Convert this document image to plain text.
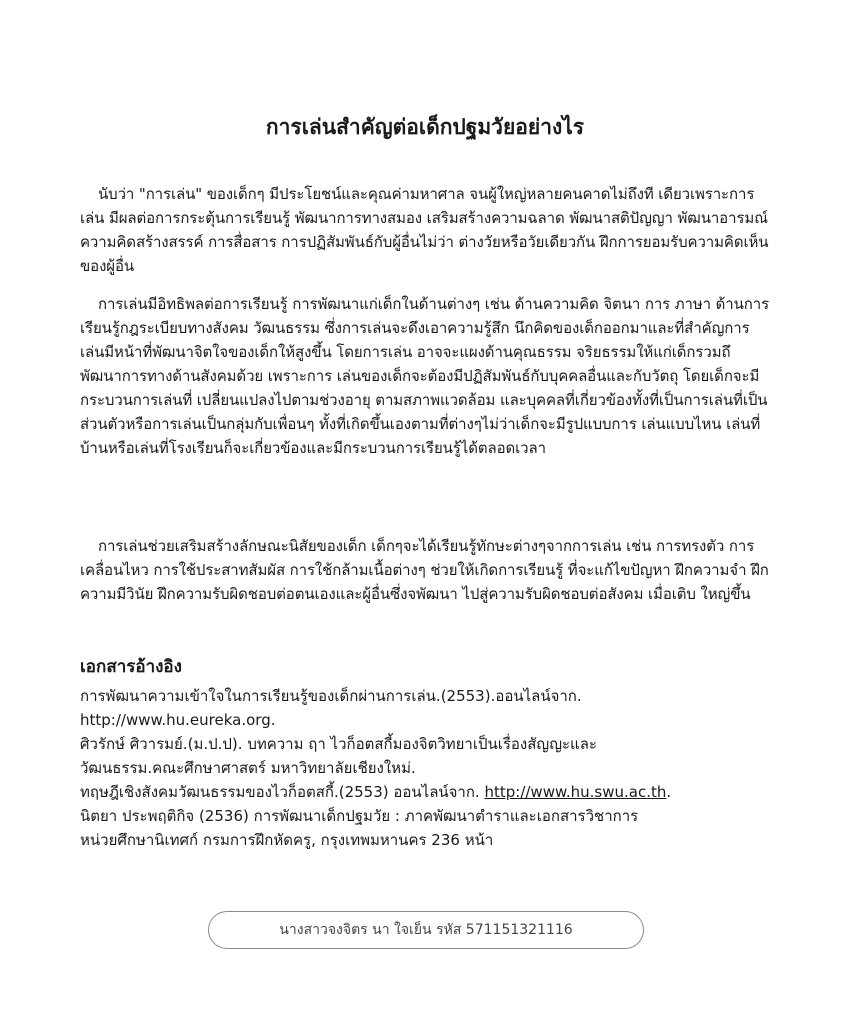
การเล่นสำคัญต่อเด็กปฐมวัยอย่างไร

นับว่า "การเล่น" ของเด็กๆ มีประโยชน์และคุณค่ามหาศาล จนผู้ใหญ่หลายคนคาดไม่ถึงที เดียวเพราะการเล่น มีผลต่อการกระตุ้นการเรียนรู้ พัฒนาการทางสมอง เสริมสร้างความฉลาด พัฒนาสติปัญญา พัฒนาอารมณ์ ความคิดสร้างสรรค์ การสื่อสาร การปฏิสัมพันธ์กับผู้อื่นไม่ว่า ต่างวัยหรือวัยเดียวกัน ฝึกการยอมรับความคิดเห็นของผู้อื่น

การเล่นมีอิทธิพลต่อการเรียนรู้ การพัฒนาแก่เด็กในด้านต่างๆ เช่น ด้านความคิด จิตนา การ ภาษา ด้านการเรียนรู้กฎระเบียบทางสังคม วัฒนธรรม ซึ่งการเล่นจะดึงเอาความรู้สึก นึกคิดของเด็กออกมาและที่สำคัญการเล่นมีหน้าที่พัฒนาจิตใจของเด็กให้สูงขึ้น โดยการเล่น อาจจะแผงด้านคุณธรรม จริยธรรมให้แก่เด็กรวมถึพัฒนาการทางด้านสังคมด้วย เพราะการ เล่นของเด็กจะต้องมีปฏิสัมพันธ์กับบุคคลอื่นและกับวัตถุ โดยเด็กจะมีกระบวนการเล่นที่ เปลี่ยนแปลงไปตามช่วงอายุ ตามสภาพแวดล้อม และบุคคลที่เกี่ยวข้องทั้งที่เป็นการเล่นที่เป็น ส่วนตัวหรือการเล่นเป็นกลุ่มกับเพื่อนๆ ทั้งที่เกิดขึ้นเองตามที่ต่างๆไม่ว่าเด็กจะมีรูปแบบการ เล่นแบบไหน เล่นที่บ้านหรือเล่นที่โรงเรียนก็จะเกี่ยวข้องและมีกระบวนการเรียนรู้ได้ตลอดเวลา

การเล่นช่วยเสริมสร้างลักษณะนิสัยของเด็ก เด็กๆจะได้เรียนรู้ทักษะต่างๆจากการเล่น เช่น การทรงตัว การเคลื่อนไหว การใช้ประสาทสัมผัส การใช้กล้ามเนื้อต่างๆ ช่วยให้เกิดการเรียนรู้ ที่จะแก้ไขปัญหา ฝึกความจำ ฝึกความมีวินัย ฝึกความรับผิดชอบต่อตนเองและผู้อื่นซึ่งจพัฒนา ไปสู่ความรับผิดชอบต่อสังคม เมื่อเติบ ใหญ่ขึ้น

เอกสารอ้างอิง

การพัฒนาความเข้าใจในการเรียนรู้ของเด็กผ่านการเล่น.(2553).ออนไลน์จาก.

http://www.hu.eureka.org.

ศิวรักษ์ ศิวารมย์.(ม.ป.ป). บทความ ฤา ไวก็อตสกี้มองจิตวิทยาเป็นเรื่องสัญญะและ

วัฒนธรรม.คณะศึกษาศาสตร์ มหาวิทยาลัยเชียงใหม่.

ทฤษฎีเชิงสังคมวัฒนธรรมของไวก็อตสกี้.(2553) ออนไลน์จาก. http://www.hu.swu.ac.th.

นิตยา ประพฤติกิจ (2536) การพัฒนาเด็กปฐมวัย : ภาคพัฒนาตำราและเอกสารวิชาการ

หน่วยศึกษานิเทศก์ กรมการฝึกหัดครู, กรุงเทพมหานคร 236 หน้า

นางสาวจงจิตร นา ใจเย็น รหัส 571151321116
